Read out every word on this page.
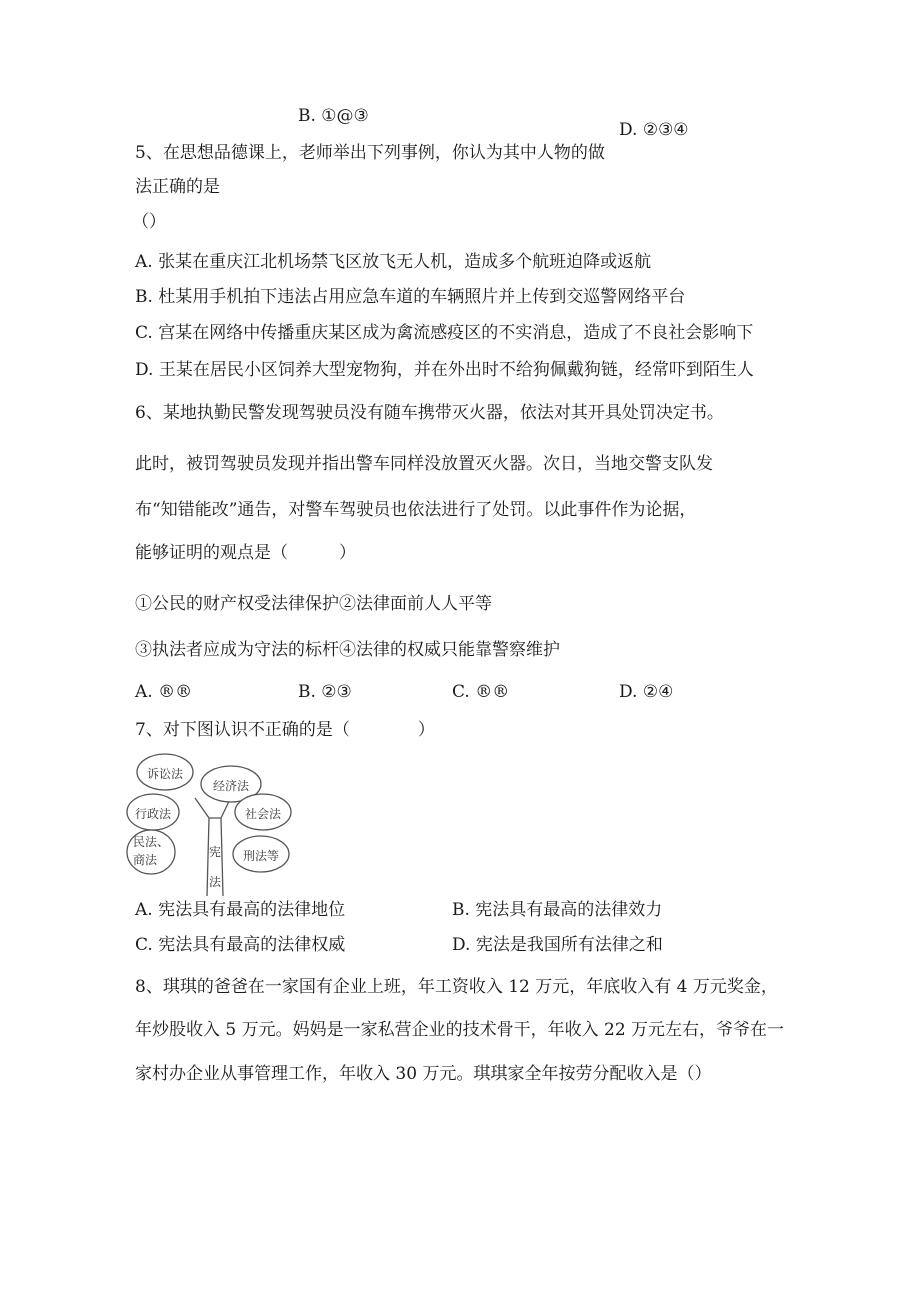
B. ①@③
D. ②③④
5、在思想品德课上，老师举出下列事例，你认为其中人物的做
法正确的是
（）
A. 张某在重庆江北机场禁飞区放飞无人机，造成多个航班迫降或返航
B. 杜某用手机拍下违法占用应急车道的车辆照片并上传到交巡警网络平台
C. 宫某在网络中传播重庆某区成为禽流感疫区的不实消息，造成了不良社会影响下
D. 王某在居民小区饲养大型宠物狗，并在外出时不给狗佩戴狗链，经常吓到陌生人
6、某地执勤民警发现驾驶员没有随车携带灭火器，依法对其开具处罚决定书。
此时，被罚驾驶员发现并指出警车同样没放置灭火器。次日，当地交警支队发
布“知错能改”通告，对警车驾驶员也依法进行了处罚。以此事件作为论据，
能够证明的观点是（　　　）
①公民的财产权受法律保护②法律面前人人平等
③执法者应成为守法的标杆④法律的权威只能靠警察维护
A. ®®	B. ②③	C. ®®	D. ②④
7、对下图认识不正确的是（　　　　）
诉讼法
经济法
行政法	社会法
民法、
商法	刑法等
宪
法
A. 宪法具有最高的法律地位	B. 宪法具有最高的法律效力
C. 宪法具有最高的法律权威	D. 宪法是我国所有法律之和
8、琪琪的爸爸在一家国有企业上班，年工资收入 12 万元，年底收入有 4 万元奖金，
年炒股收入 5 万元。妈妈是一家私营企业的技术骨干，年收入 22 万元左右，爷爷在一
家村办企业从事管理工作，年收入 30 万元。琪琪家全年按劳分配收入是（）
